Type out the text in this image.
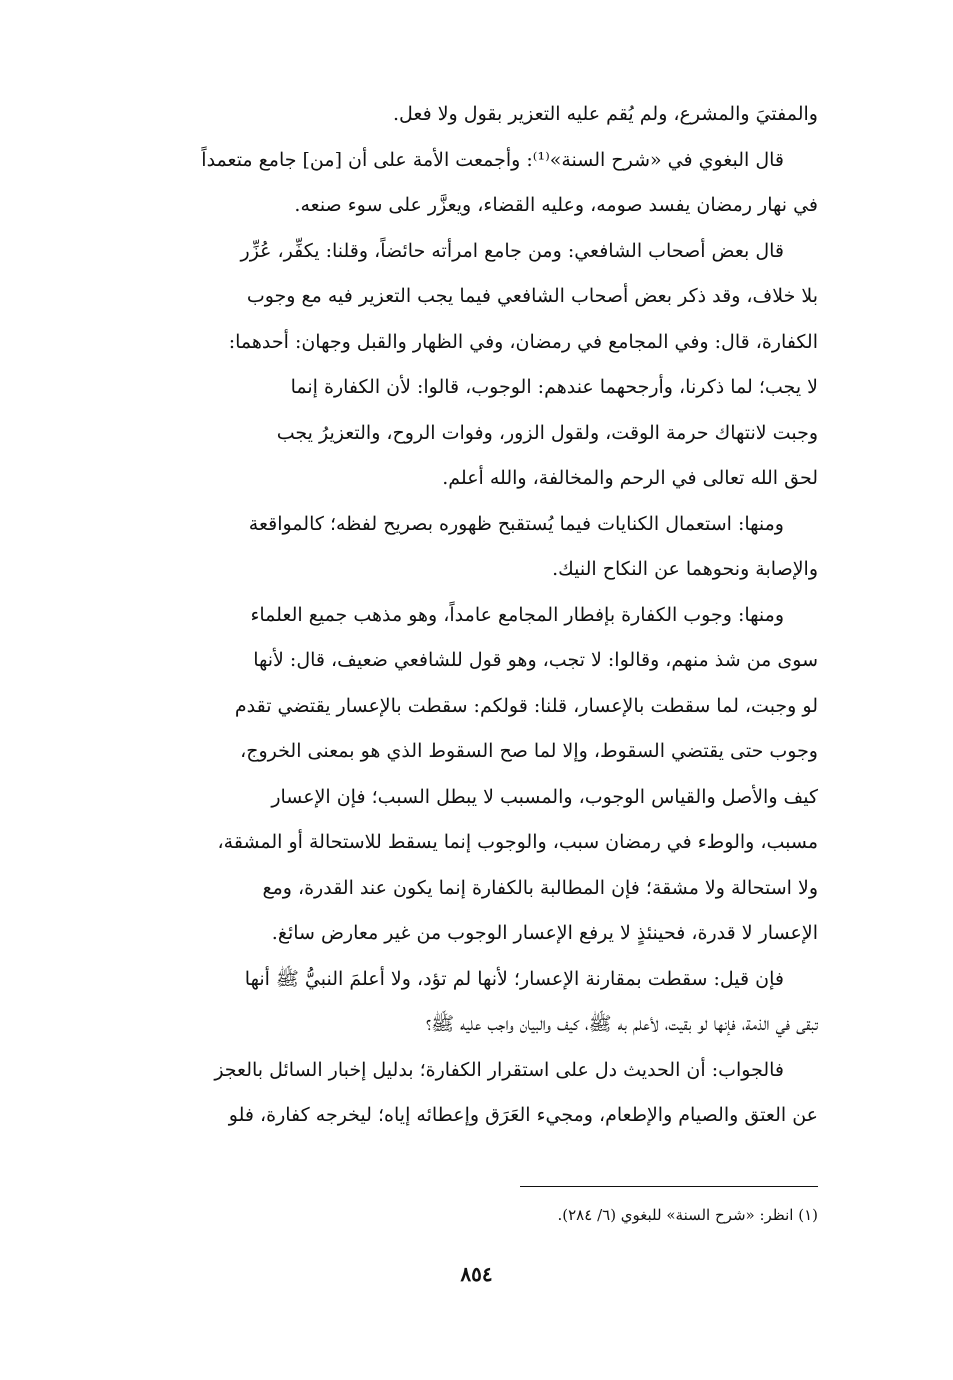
والمفتيَ والمشرع، ولم يُقم عليه التعزير بقول ولا فعل.
قال البغوي في «شرح السنة»⁽¹⁾: وأجمعت الأمة على أن [من] جامع متعمداً
في نهار رمضان يفسد صومه، وعليه القضاء، ويعزَّر على سوء صنعه.
قال بعض أصحاب الشافعي: ومن جامع امرأته حائضاً، وقلنا: يكفِّر، عُزِّر
بلا خلاف، وقد ذكر بعض أصحاب الشافعي فيما يجب التعزير فيه مع وجوب
الكفارة، قال: وفي المجامع في رمضان، وفي الظهار والقبل وجهان: أحدهما:
لا يجب؛ لما ذكرنا، وأرجحهما عندهم: الوجوب، قالوا: لأن الكفارة إنما
وجبت لانتهاك حرمة الوقت، ولقول الزور، وفوات الروح، والتعزيرُ يجب
لحق الله تعالى في الرحم والمخالفة، والله أعلم.
ومنها: استعمال الكنايات فيما يُستقبح ظهوره بصريح لفظه؛ كالمواقعة
والإصابة ونحوهما عن النكاح النيك.
ومنها: وجوب الكفارة بإفطار المجامع عامداً، وهو مذهب جميع العلماء
سوى من شذ منهم، وقالوا: لا تجب، وهو قول للشافعي ضعيف، قال: لأنها
لو وجبت، لما سقطت بالإعسار، قلنا: قولكم: سقطت بالإعسار يقتضي تقدم
وجوب حتى يقتضي السقوط، وإلا لما صح السقوط الذي هو بمعنى الخروج،
كيف والأصل والقياس الوجوب، والمسبب لا يبطل السبب؛ فإن الإعسار
مسبب، والوطء في رمضان سبب، والوجوب إنما يسقط للاستحالة أو المشقة،
ولا استحالة ولا مشقة؛ فإن المطالبة بالكفارة إنما يكون عند القدرة، ومع
الإعسار لا قدرة، فحينئذٍ لا يرفع الإعسار الوجوب من غير معارض سائغ.
فإن قيل: سقطت بمقارنة الإعسار؛ لأنها لم تؤد، ولا أعلمَ النبيُّ ﷺ أنها
تبقى في الذمة، فإنها لو بقيت، لأعلم به ﷺ، كيف والبيان واجب عليه ﷺ؟
فالجواب: أن الحديث دل على استقرار الكفارة؛ بدليل إخبار السائل بالعجز
عن العتق والصيام والإطعام، ومجيء العَرَق وإعطائه إياه؛ ليخرجه كفارة، فلو
(١) انظر: «شرح السنة» للبغوي (٦/ ٢٨٤).
٨٥٤
